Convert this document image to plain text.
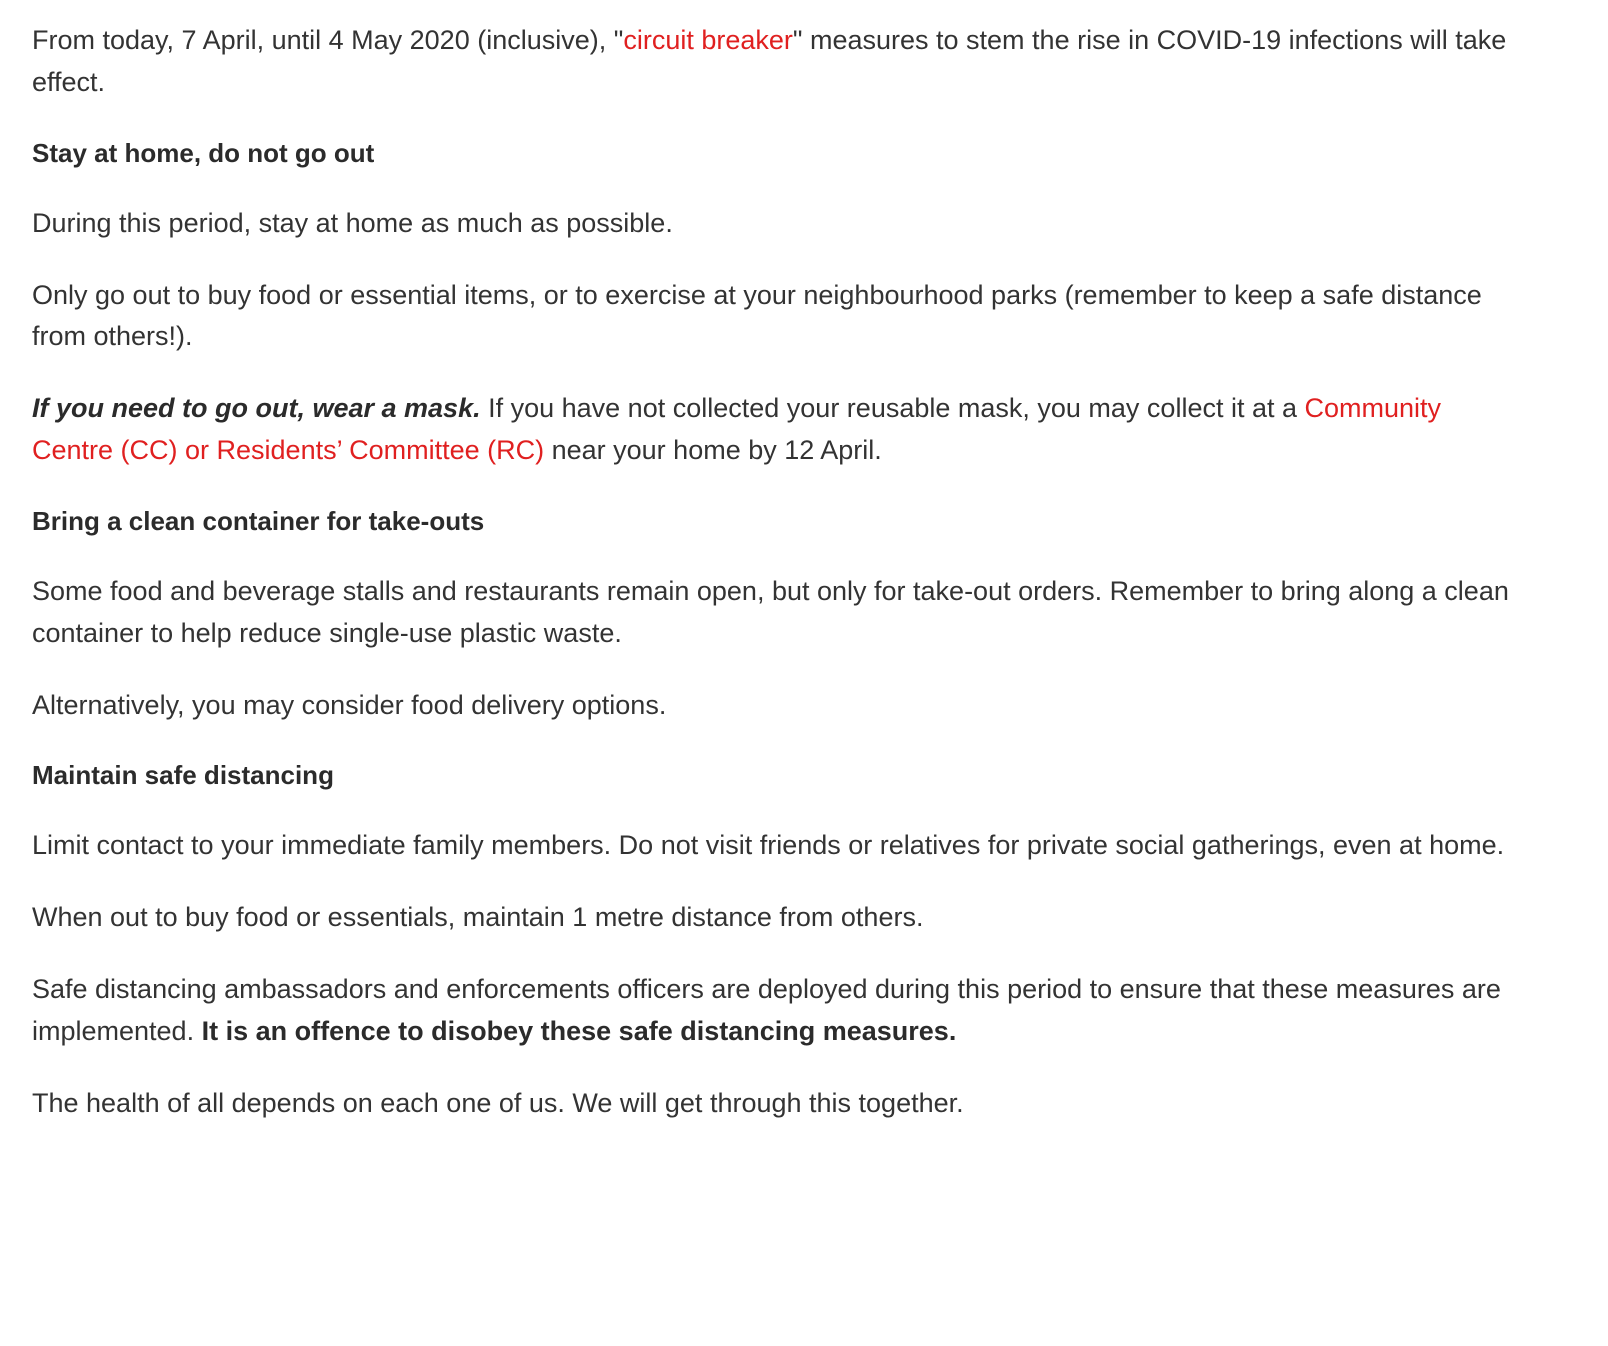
From today, 7 April, until 4 May 2020 (inclusive), "circuit breaker" measures to stem the rise in COVID-19 infections will take effect.

Stay at home, do not go out

During this period, stay at home as much as possible.

Only go out to buy food or essential items, or to exercise at your neighbourhood parks (remember to keep a safe distance from others!).

If you need to go out, wear a mask. If you have not collected your reusable mask, you may collect it at a Community Centre (CC) or Residents’ Committee (RC) near your home by 12 April.

Bring a clean container for take-outs

Some food and beverage stalls and restaurants remain open, but only for take-out orders. Remember to bring along a clean container to help reduce single-use plastic waste.

Alternatively, you may consider food delivery options.

Maintain safe distancing

Limit contact to your immediate family members. Do not visit friends or relatives for private social gatherings, even at home.

When out to buy food or essentials, maintain 1 metre distance from others.

Safe distancing ambassadors and enforcements officers are deployed during this period to ensure that these measures are implemented. It is an offence to disobey these safe distancing measures.

The health of all depends on each one of us. We will get through this together.
